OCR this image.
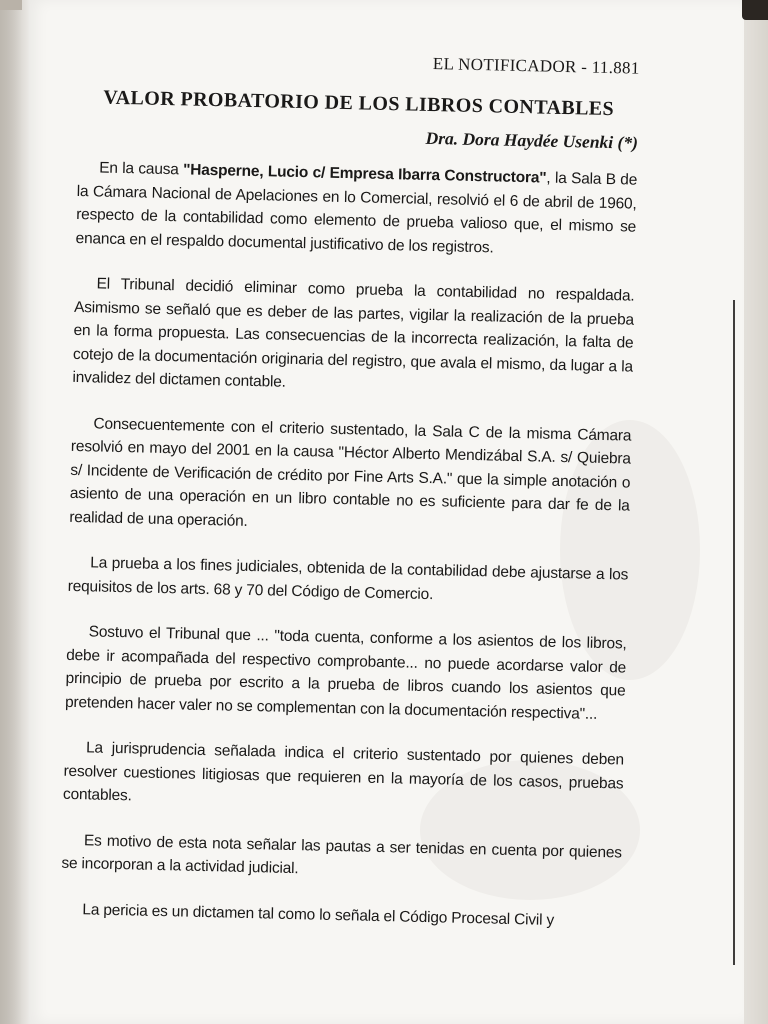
EL NOTIFICADOR - 11.881
VALOR PROBATORIO DE LOS LIBROS CONTABLES
Dra. Dora Haydée Usenki (*)

En la causa "Hasperne, Lucio c/ Empresa Ibarra Constructora", la Sala B de la Cámara Nacional de Apelaciones en lo Comercial, resolvió el 6 de abril de 1960, respecto de la contabilidad como elemento de prueba valioso que, el mismo se enanca en el respaldo documental justificativo de los registros.

El Tribunal decidió eliminar como prueba la contabilidad no respaldada. Asimismo se señaló que es deber de las partes, vigilar la realización de la prueba en la forma propuesta. Las consecuencias de la incorrecta realización, la falta de cotejo de la documentación originaria del registro, que avala el mismo, da lugar a la invalidez del dictamen contable.

Consecuentemente con el criterio sustentado, la Sala C de la misma Cámara resolvió en mayo del 2001 en la causa "Héctor Alberto Mendizábal S.A. s/ Quiebra s/ Incidente de Verificación de crédito por Fine Arts S.A." que la simple anotación o asiento de una operación en un libro contable no es suficiente para dar fe de la realidad de una operación.

La prueba a los fines judiciales, obtenida de la contabilidad debe ajustarse a los requisitos de los arts. 68 y 70 del Código de Comercio.

Sostuvo el Tribunal que ... "toda cuenta, conforme a los asientos de los libros, debe ir acompañada del respectivo comprobante... no puede acordarse valor de principio de prueba por escrito a la prueba de libros cuando los asientos que pretenden hacer valer no se complementan con la documentación respectiva"...

La jurisprudencia señalada indica el criterio sustentado por quienes deben resolver cuestiones litigiosas que requieren en la mayoría de los casos, pruebas contables.

Es motivo de esta nota señalar las pautas a ser tenidas en cuenta por quienes se incorporan a la actividad judicial.

La pericia es un dictamen tal como lo señala el Código Procesal Civil y
